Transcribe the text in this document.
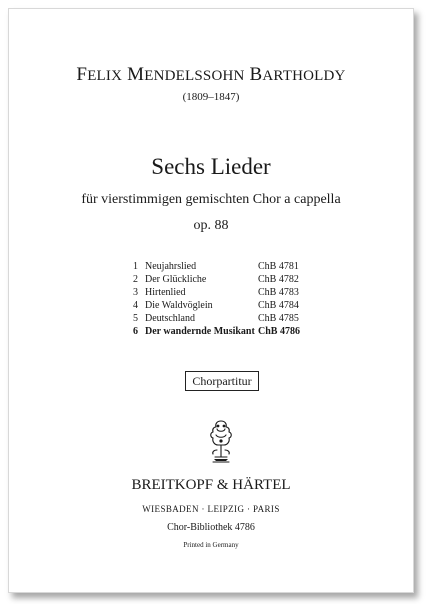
FELIX MENDELSSOHN BARTHOLDY
(1809–1847)
Sechs Lieder
für vierstimmigen gemischten Chor a cappella
op. 88
1 Neujahrslied	ChB 4781
2 Der Glückliche	ChB 4782
3 Hirtenlied	ChB 4783
4 Die Waldvöglein	ChB 4784
5 Deutschland	ChB 4785
6 Der wandernde Musikant ChB 4786
Chorpartitur
BREITKOPF & HÄRTEL
WIESBADEN · LEIPZIG · PARIS
Chor-Bibliothek 4786
Printed in Germany
